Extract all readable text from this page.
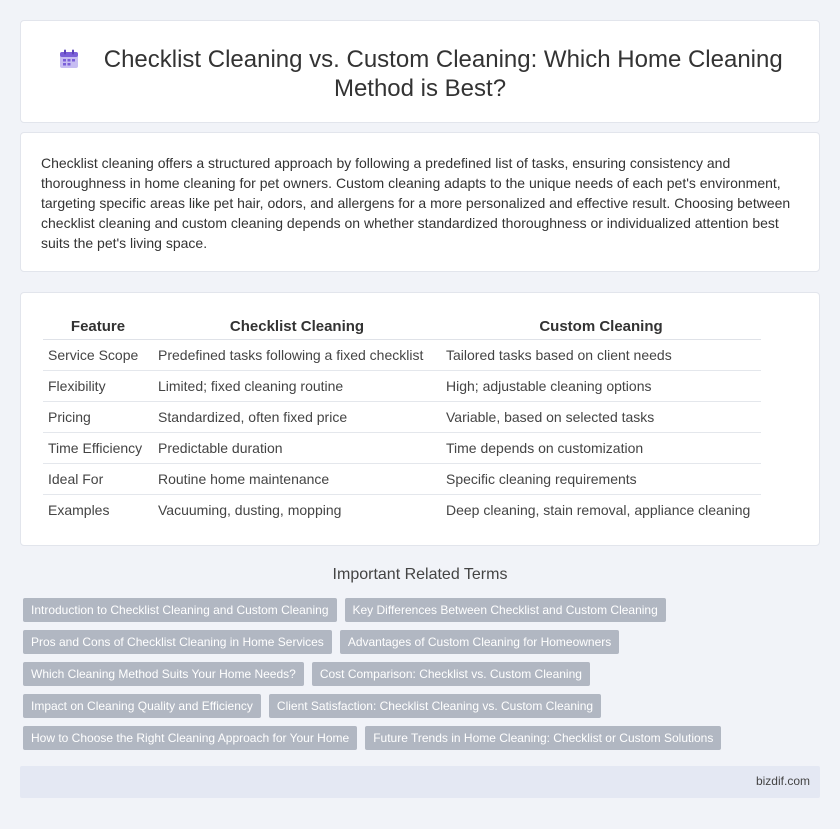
Checklist Cleaning vs. Custom Cleaning: Which Home Cleaning Method is Best?

Checklist cleaning offers a structured approach by following a predefined list of tasks, ensuring consistency and thoroughness in home cleaning for pet owners. Custom cleaning adapts to the unique needs of each pet's environment, targeting specific areas like pet hair, odors, and allergens for a more personalized and effective result. Choosing between checklist cleaning and custom cleaning depends on whether standardized thoroughness or individualized attention best suits the pet's living space.

Feature	Checklist Cleaning	Custom Cleaning
Service Scope	Predefined tasks following a fixed checklist	Tailored tasks based on client needs
Flexibility	Limited; fixed cleaning routine	High; adjustable cleaning options
Pricing	Standardized, often fixed price	Variable, based on selected tasks
Time Efficiency	Predictable duration	Time depends on customization
Ideal For	Routine home maintenance	Specific cleaning requirements
Examples	Vacuuming, dusting, mopping	Deep cleaning, stain removal, appliance cleaning
Important Related Terms
Introduction to Checklist Cleaning and Custom Cleaning	Key Differences Between Checklist and Custom Cleaning
Pros and Cons of Checklist Cleaning in Home Services	Advantages of Custom Cleaning for Homeowners
Which Cleaning Method Suits Your Home Needs?	Cost Comparison: Checklist vs. Custom Cleaning
Impact on Cleaning Quality and Efficiency	Client Satisfaction: Checklist Cleaning vs. Custom Cleaning
How to Choose the Right Cleaning Approach for Your Home	Future Trends in Home Cleaning: Checklist or Custom Solutions
bizdif.com
